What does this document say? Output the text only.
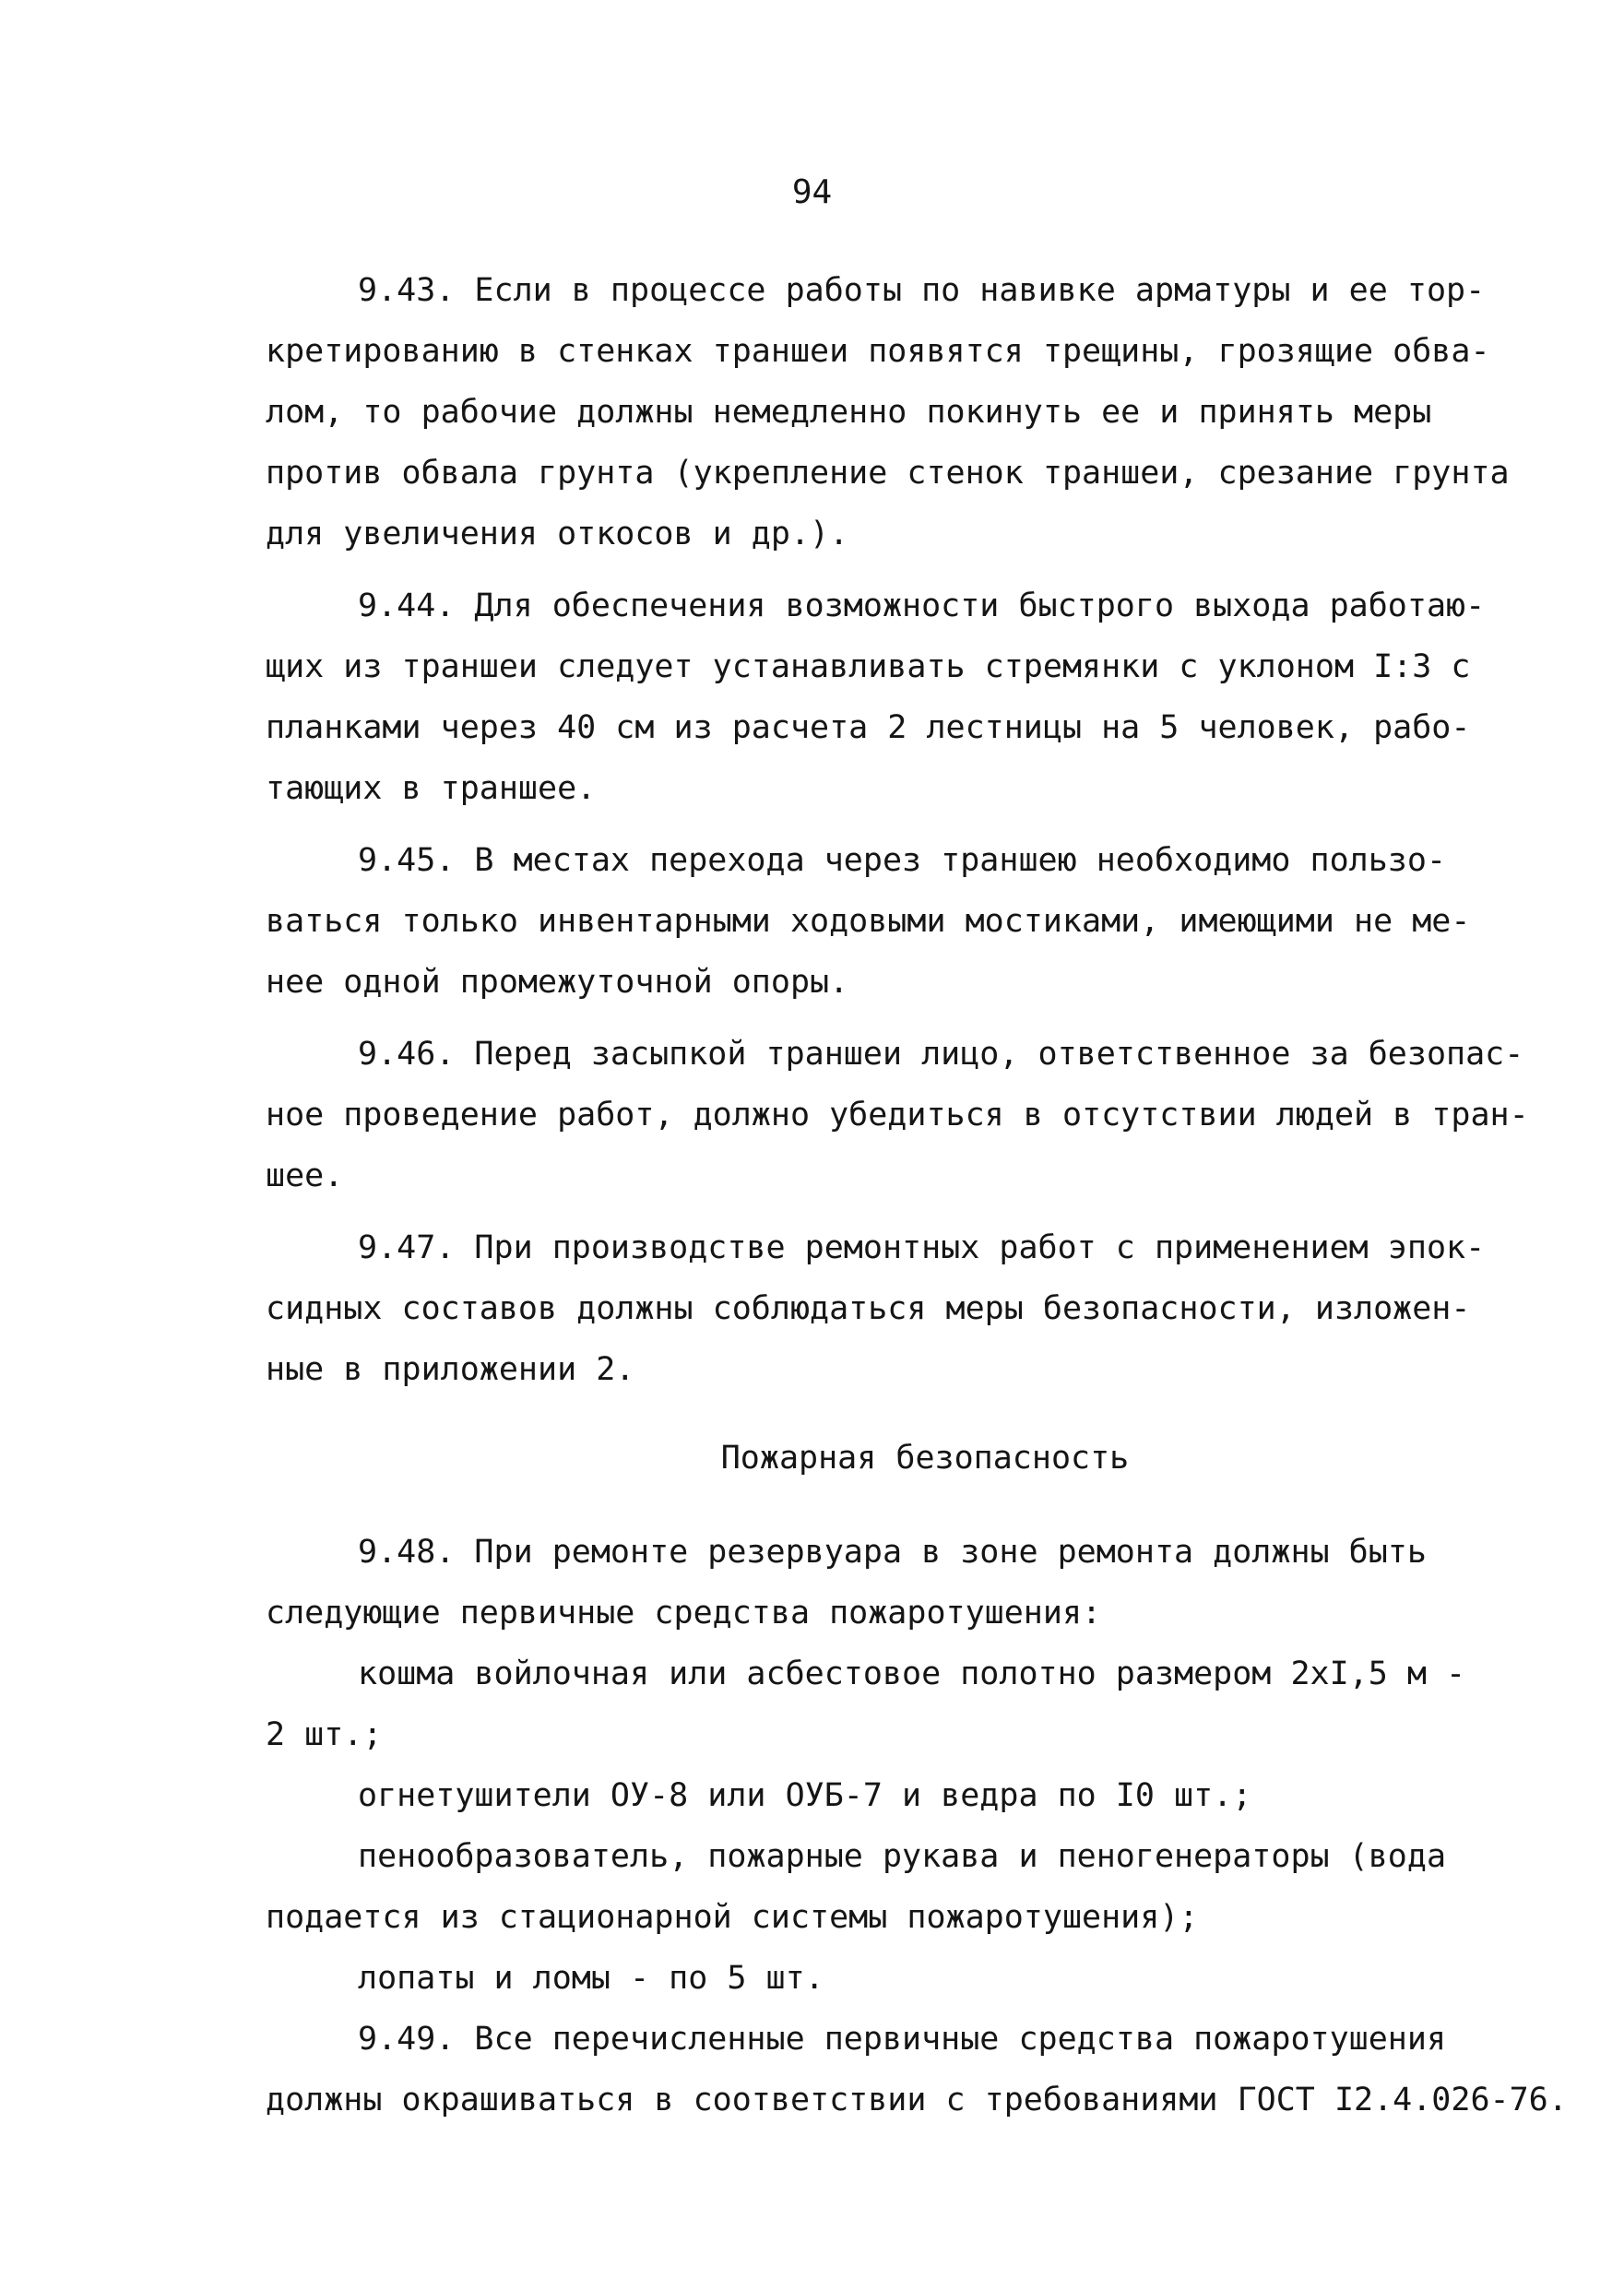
94
9.43. Если в процессе работы по навивке арматуры и ее тор-
кретированию в стенках траншеи появятся трещины, грозящие обва-
лом, то рабочие должны немедленно покинуть ее и принять меры
против обвала грунта (укрепление стенок траншеи, срезание грунта
для увеличения откосов и др.).
9.44. Для обеспечения возможности быстрого выхода работаю-
щих из траншеи следует устанавливать стремянки с уклоном I:3 с
планками через 40 см из расчета 2 лестницы на 5 человек, рабо-
тающих в траншее.
9.45. В местах перехода через траншею необходимо пользо-
ваться только инвентарными ходовыми мостиками, имеющими не ме-
нее одной промежуточной опоры.
9.46. Перед засыпкой траншеи лицо, ответственное за безопас-
ное проведение работ, должно убедиться в отсутствии людей в тран-
шее.
9.47. При производстве ремонтных работ с применением эпок-
сидных составов должны соблюдаться меры безопасности, изложен-
ные в приложении 2.
Пожарная безопасность
9.48. При ремонте резервуара в зоне ремонта должны быть
следующие первичные средства пожаротушения:
кошма войлочная или асбестовое полотно размером 2хI,5 м -
2 шт.;
огнетушители ОУ-8 или ОУБ-7 и ведра по I0 шт.;
пенообразователь, пожарные рукава и пеногенераторы (вода
подается из стационарной системы пожаротушения);
лопаты и ломы - по 5 шт.
9.49. Все перечисленные первичные средства пожаротушения
должны окрашиваться в соответствии с требованиями ГОСТ I2.4.026-76.
